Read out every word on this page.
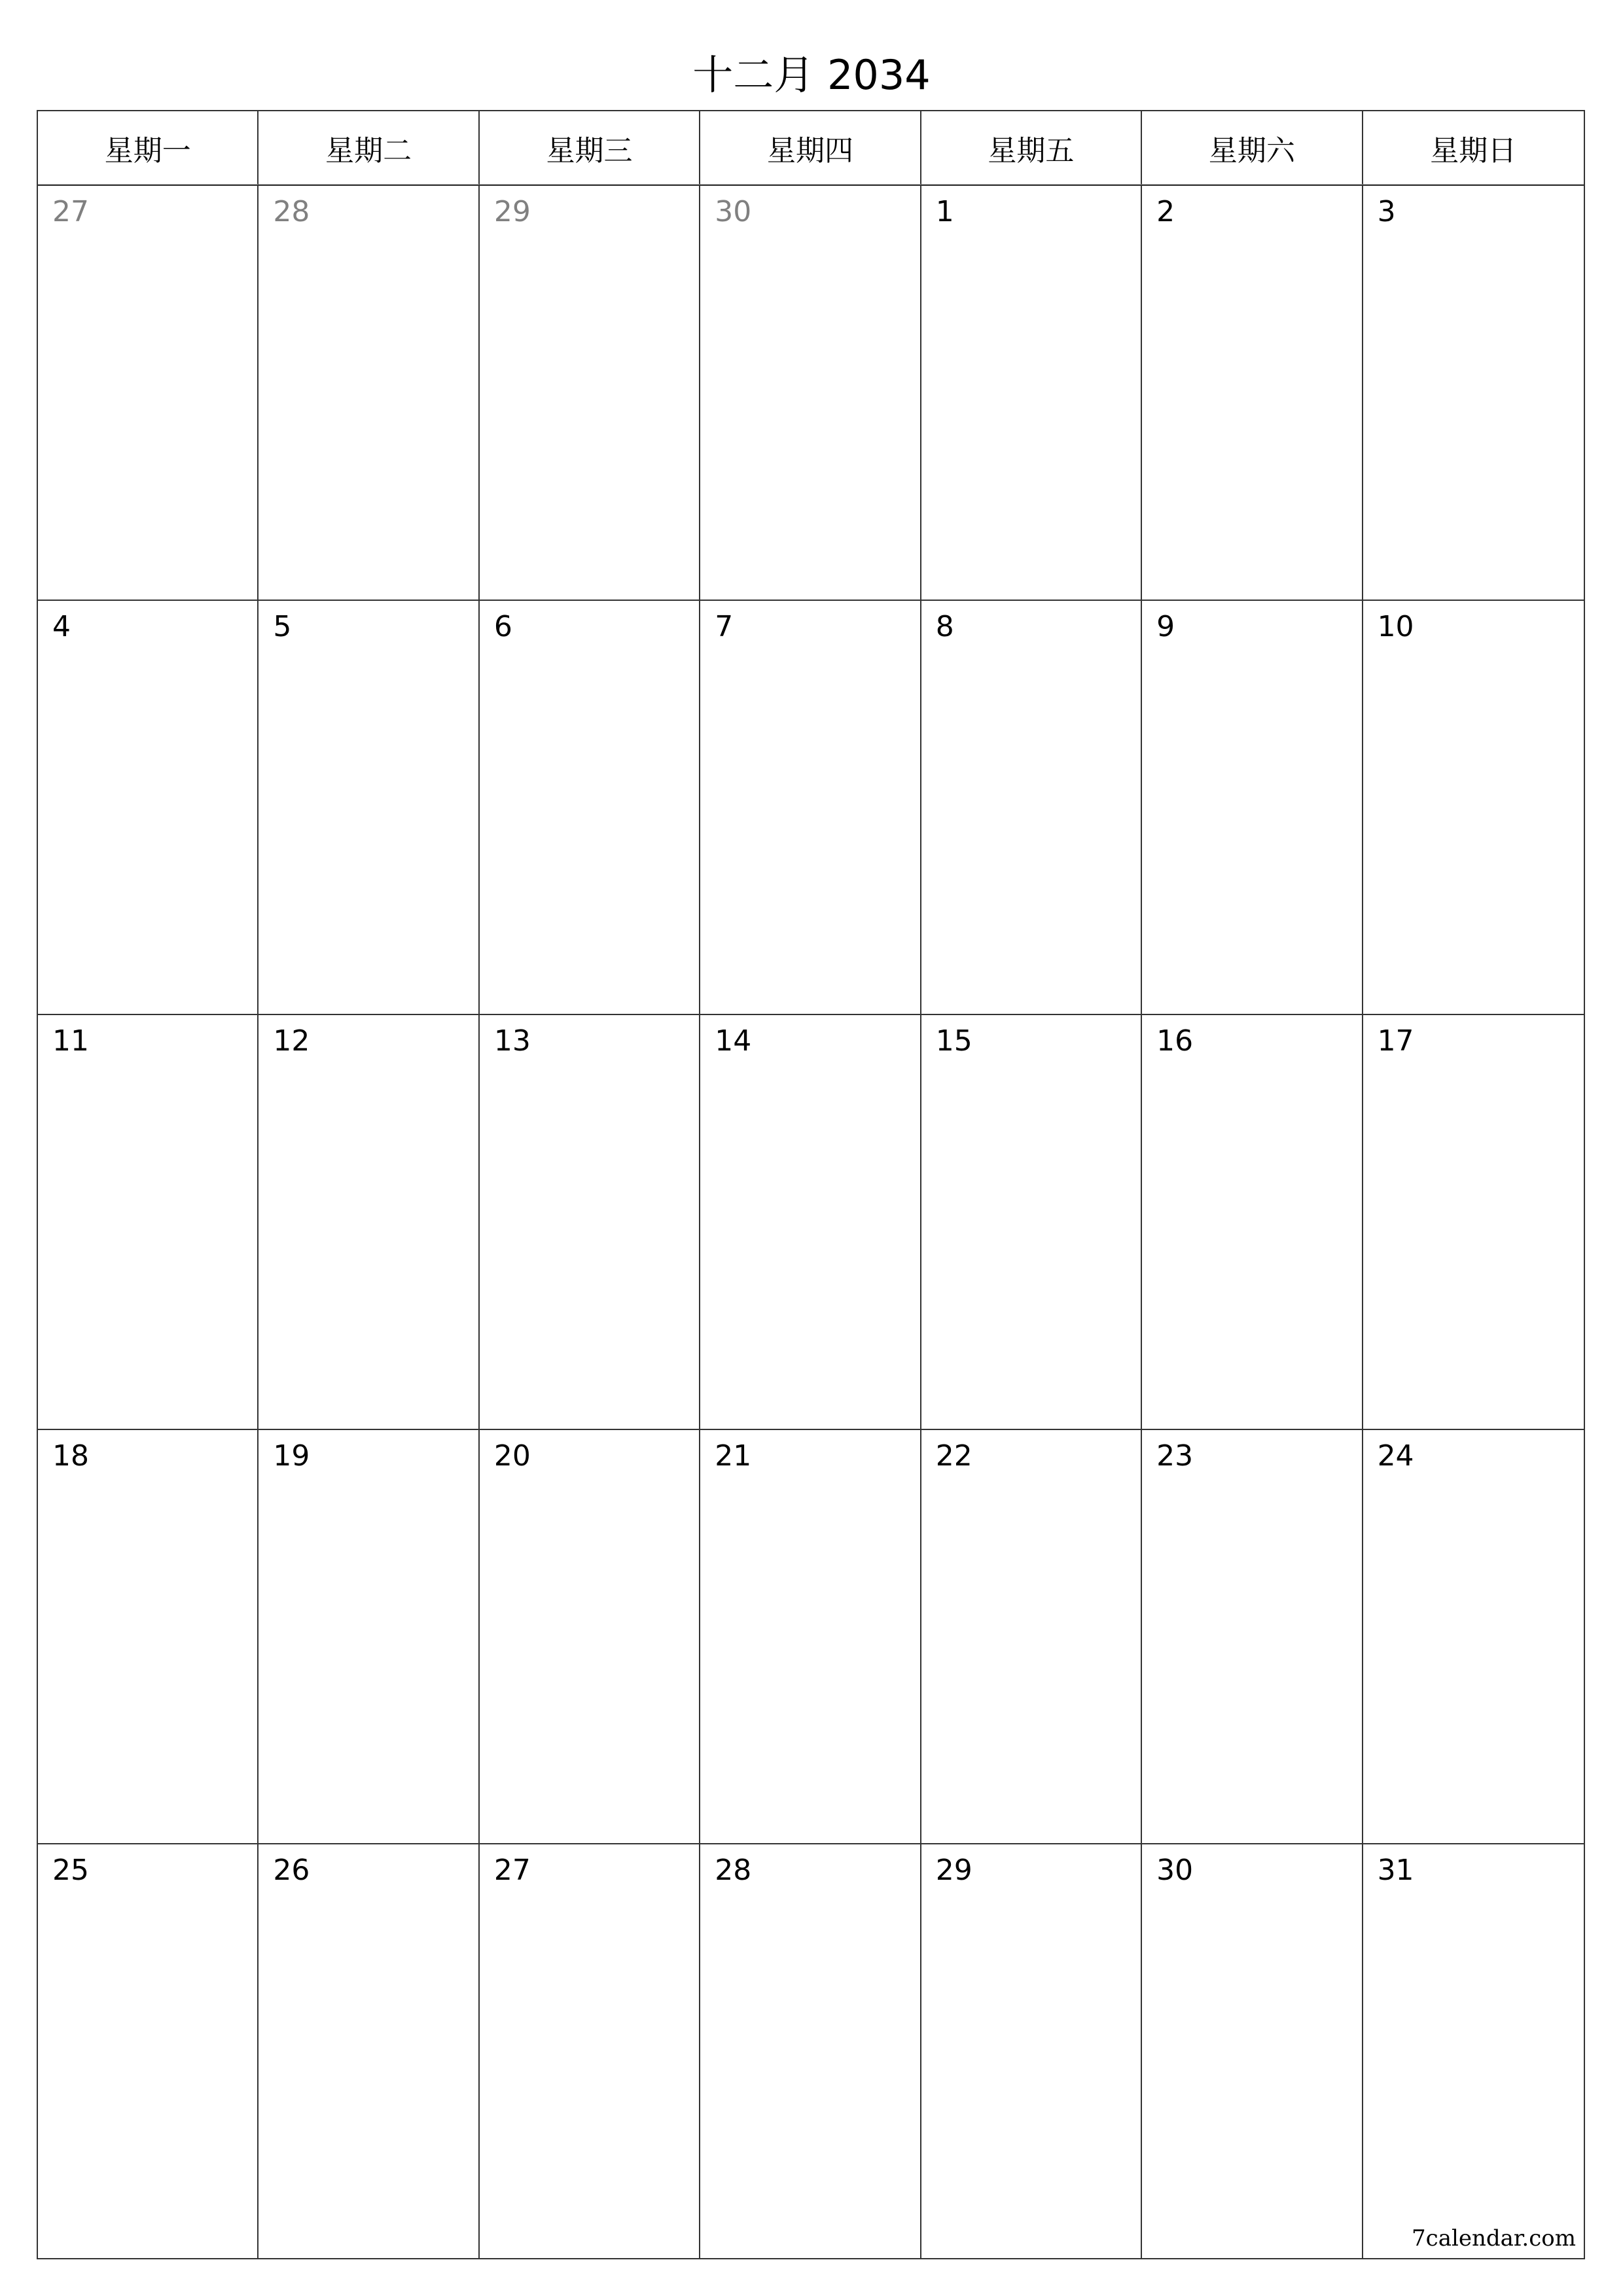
十二月 2034
星期一	星期二	星期三	星期四	星期五	星期六	星期日
27	28	29	30	1	2	3
4	5	6	7	8	9	10
11	12	13	14	15	16	17
18	19	20	21	22	23	24
25	26	27	28	29	30	31
7calendar.com
